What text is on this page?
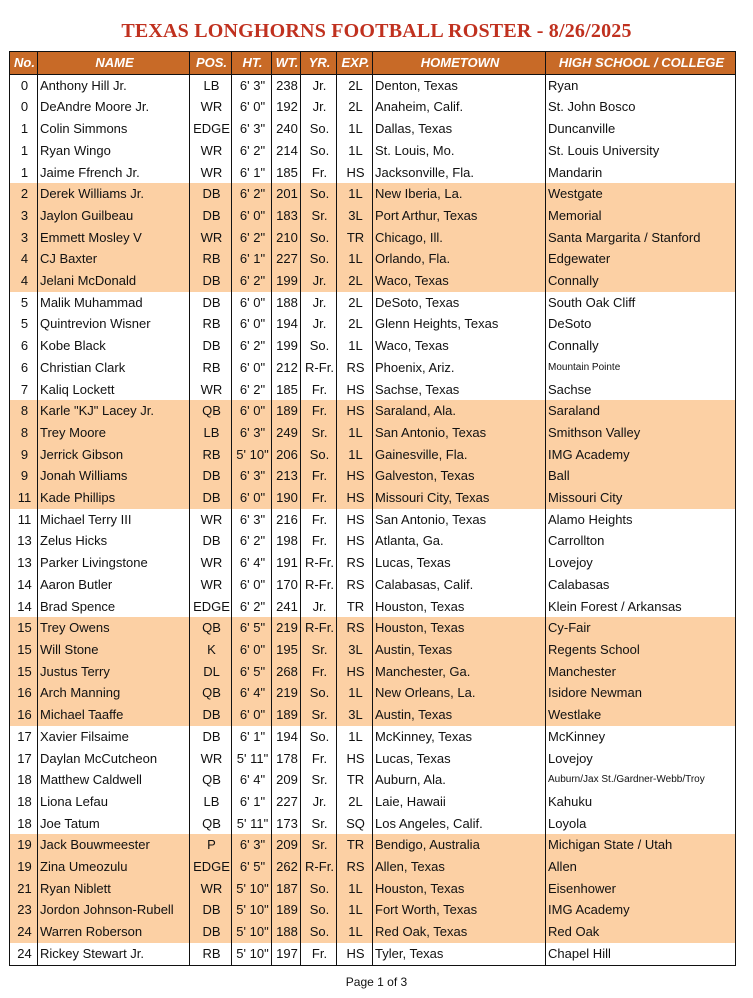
TEXAS LONGHORNS FOOTBALL ROSTER - 8/26/2025
No.	NAME	POS.	HT.	WT.	YR.	EXP.	HOMETOWN	HIGH SCHOOL / COLLEGE
0	Anthony Hill Jr.	LB	6' 3"	238	Jr.	2L	Denton, Texas	Ryan
0	DeAndre Moore Jr.	WR	6' 0"	192	Jr.	2L	Anaheim, Calif.	St. John Bosco
1	Colin Simmons	EDGE	6' 3"	240	So.	1L	Dallas, Texas	Duncanville
1	Ryan Wingo	WR	6' 2"	214	So.	1L	St. Louis, Mo.	St. Louis University
1	Jaime Ffrench Jr.	WR	6' 1"	185	Fr.	HS	Jacksonville, Fla.	Mandarin
2	Derek Williams Jr.	DB	6' 2"	201	So.	1L	New Iberia, La.	Westgate
3	Jaylon Guilbeau	DB	6' 0"	183	Sr.	3L	Port Arthur, Texas	Memorial
3	Emmett Mosley V	WR	6' 2"	210	So.	TR	Chicago, Ill.	Santa Margarita / Stanford
4	CJ Baxter	RB	6' 1"	227	So.	1L	Orlando, Fla.	Edgewater
4	Jelani McDonald	DB	6' 2"	199	Jr.	2L	Waco, Texas	Connally
5	Malik Muhammad	DB	6' 0"	188	Jr.	2L	DeSoto, Texas	South Oak Cliff
5	Quintrevion Wisner	RB	6' 0"	194	Jr.	2L	Glenn Heights, Texas	DeSoto
6	Kobe Black	DB	6' 2"	199	So.	1L	Waco, Texas	Connally
6	Christian Clark	RB	6' 0"	212	R-Fr.	RS	Phoenix, Ariz.	Mountain Pointe
7	Kaliq Lockett	WR	6' 2"	185	Fr.	HS	Sachse, Texas	Sachse
8	Karle "KJ" Lacey Jr.	QB	6' 0"	189	Fr.	HS	Saraland, Ala.	Saraland
8	Trey Moore	LB	6' 3"	249	Sr.	1L	San Antonio, Texas	Smithson Valley
9	Jerrick Gibson	RB	5' 10"	206	So.	1L	Gainesville, Fla.	IMG Academy
9	Jonah Williams	DB	6' 3"	213	Fr.	HS	Galveston, Texas	Ball
11	Kade Phillips	DB	6' 0"	190	Fr.	HS	Missouri City, Texas	Missouri City
11	Michael Terry III	WR	6' 3"	216	Fr.	HS	San Antonio, Texas	Alamo Heights
13	Zelus Hicks	DB	6' 2"	198	Fr.	HS	Atlanta, Ga.	Carrollton
13	Parker Livingstone	WR	6' 4"	191	R-Fr.	RS	Lucas, Texas	Lovejoy
14	Aaron Butler	WR	6' 0"	170	R-Fr.	RS	Calabasas, Calif.	Calabasas
14	Brad Spence	EDGE	6' 2"	241	Jr.	TR	Houston, Texas	Klein Forest / Arkansas
15	Trey Owens	QB	6' 5"	219	R-Fr.	RS	Houston, Texas	Cy-Fair
15	Will Stone	K	6' 0"	195	Sr.	3L	Austin, Texas	Regents School
15	Justus Terry	DL	6' 5"	268	Fr.	HS	Manchester, Ga.	Manchester
16	Arch Manning	QB	6' 4"	219	So.	1L	New Orleans, La.	Isidore Newman
16	Michael Taaffe	DB	6' 0"	189	Sr.	3L	Austin, Texas	Westlake
17	Xavier Filsaime	DB	6' 1"	194	So.	1L	McKinney, Texas	McKinney
17	Daylan McCutcheon	WR	5' 11"	178	Fr.	HS	Lucas, Texas	Lovejoy
18	Matthew Caldwell	QB	6' 4"	209	Sr.	TR	Auburn, Ala.	Auburn/Jax St./Gardner-Webb/Troy
18	Liona Lefau	LB	6' 1"	227	Jr.	2L	Laie, Hawaii	Kahuku
18	Joe Tatum	QB	5' 11"	173	Sr.	SQ	Los Angeles, Calif.	Loyola
19	Jack Bouwmeester	P	6' 3"	209	Sr.	TR	Bendigo, Australia	Michigan State / Utah
19	Zina Umeozulu	EDGE	6' 5"	262	R-Fr.	RS	Allen, Texas	Allen
21	Ryan Niblett	WR	5' 10"	187	So.	1L	Houston, Texas	Eisenhower
23	Jordon Johnson-Rubell	DB	5' 10"	189	So.	1L	Fort Worth, Texas	IMG Academy
24	Warren Roberson	DB	5' 10"	188	So.	1L	Red Oak, Texas	Red Oak
24	Rickey Stewart Jr.	RB	5' 10"	197	Fr.	HS	Tyler, Texas	Chapel Hill
Page 1 of 3
